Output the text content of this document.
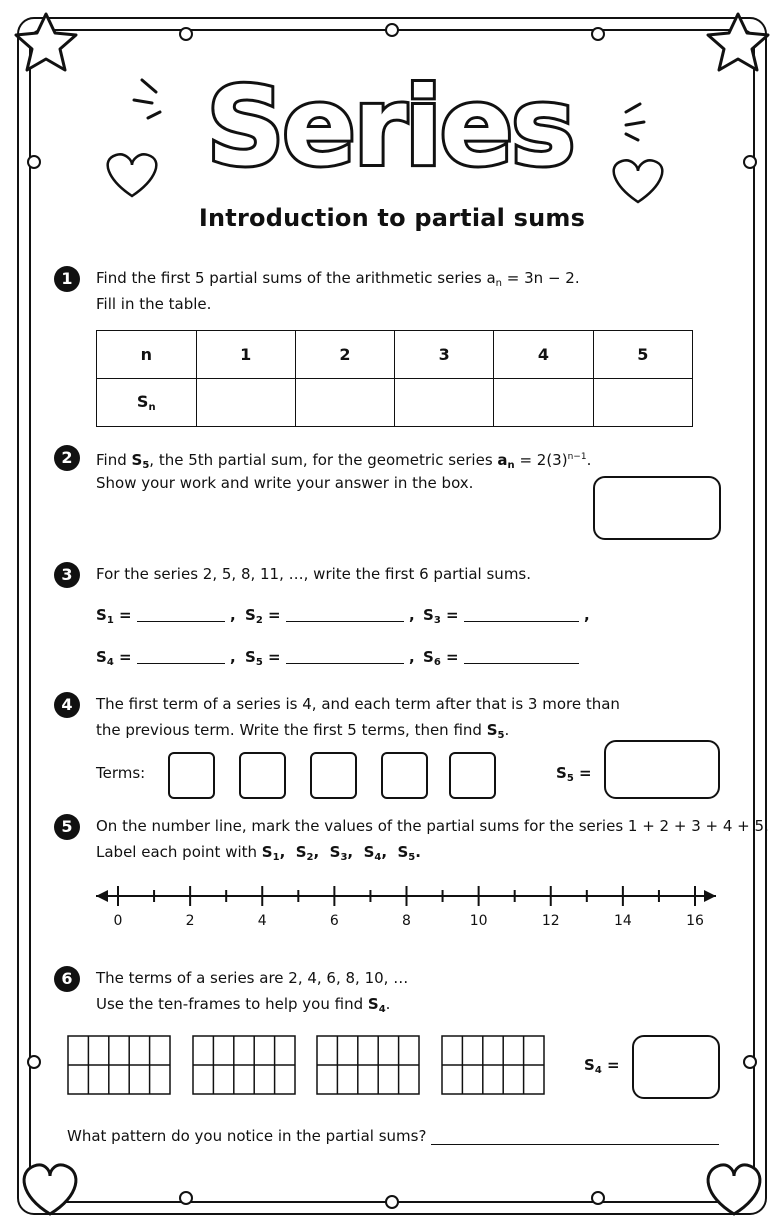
Series
Introduction to partial sums
1	Find the first 5 partial sums of the arithmetic series $a_n = 3n - 2$.
Fill in the table.
n	1	2	3	4	5
$S_n$					
2	Find $S_5$, the 5th partial sum, for the geometric series $a_n = 2(3)^{n-1}$.
Show your work and write your answer in the box.
3	For the series 2, 5, 8, 11, …, write the first 6 partial sums.
$S_1$ =	, $S_2$ =	, $S_3$ =	,
$S_4$ =	, $S_5$ =	, $S_6$ =
4	The first term of a series is 4, and each term after that is 3 more than
the previous term. Write the first 5 terms, then find $S_5$.
Terms:	$S_5$ =
5	On the number line, mark the values of the partial sums for the series 1 + 2 + 3 + 4 + 5.
Label each point with $S_1$,  $S_2$,  $S_3$,  $S_4$,  $S_5$.
0	2	4	6	8	10	12	14	16
6	The terms of a series are 2, 4, 6, 8, 10, …
Use the ten-frames to help you find $S_4$.
$S_4$ =
What pattern do you notice in the partial sums?
